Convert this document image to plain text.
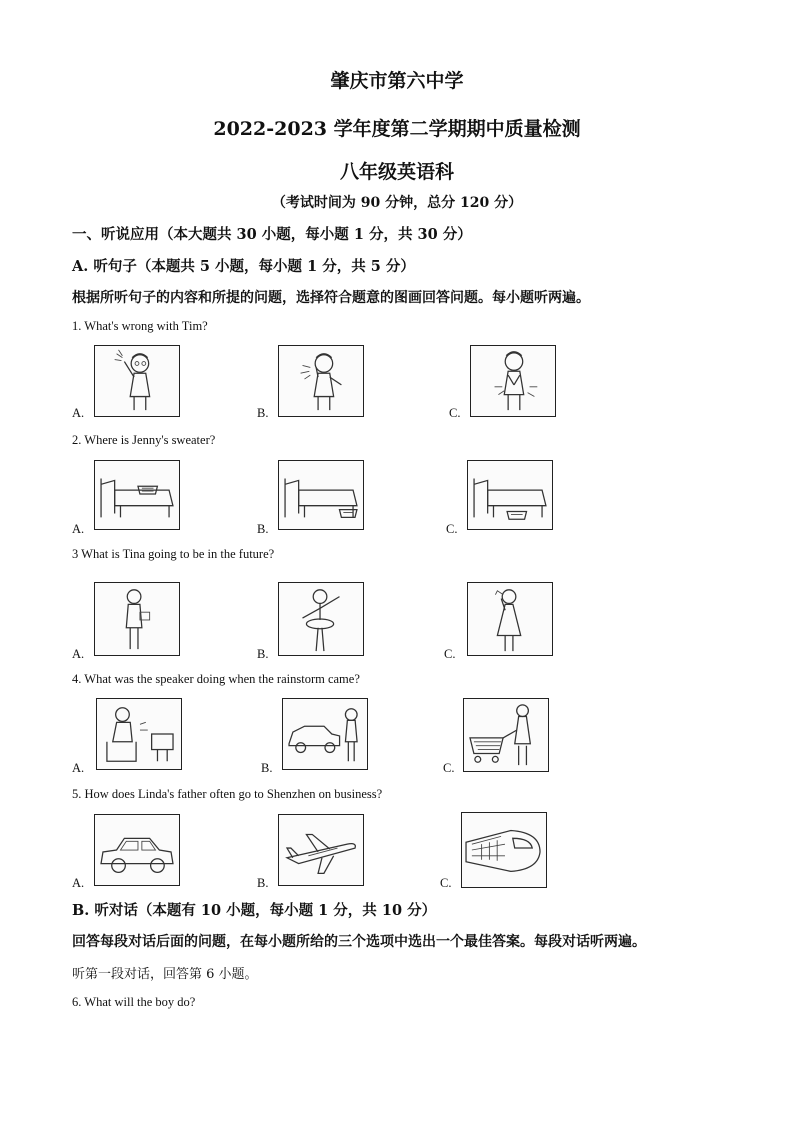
肇庆市第六中学
2022-2023 学年度第二学期期中质量检测
八年级英语科
（考试时间为 90 分钟，总分 120 分）
一、听说应用（本大题共 30 小题，每小题 1 分，共 30 分）
A. 听句子（本题共 5 小题，每小题 1 分，共 5 分）
根据所听句子的内容和所提的问题，选择符合题意的图画回答问题。每小题听两遍。
1. What's wrong with Tim?
A.	B.	C.
2. Where is Jenny's sweater?
A.	B.	C.
3 What is Tina going to be in the future?
A.	B.	C.
4. What was the speaker doing when the rainstorm came?
A.	B.	C.
5. How does Linda's father often go to Shenzhen on business?
A.	B.	C.
B. 听对话（本题有 10 小题，每小题 1 分，共 10 分）
回答每段对话后面的问题，在每小题所给的三个选项中选出一个最佳答案。每段对话听两遍。
听第一段对话，回答第 6 小题。
6. What will the boy do?
